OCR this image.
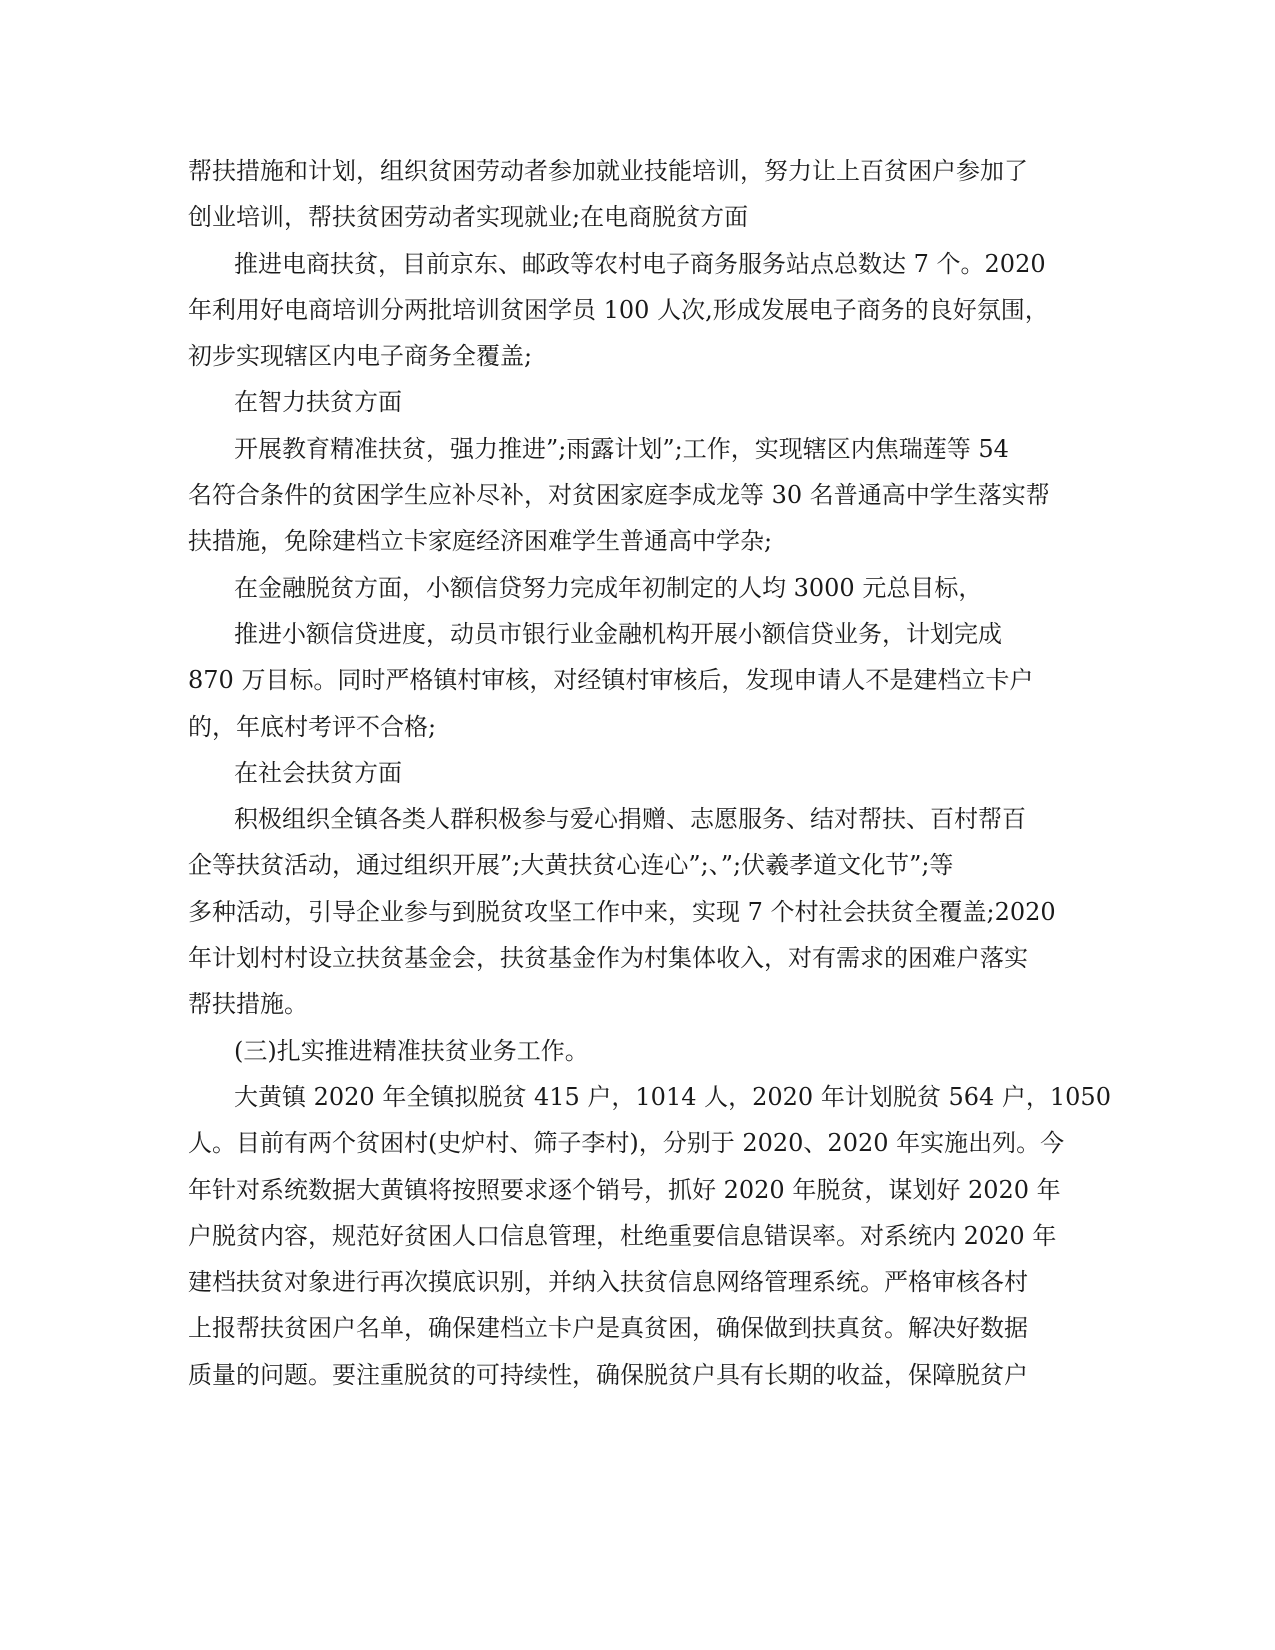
帮扶措施和计划，组织贫困劳动者参加就业技能培训，努力让上百贫困户参加了
创业培训，帮扶贫困劳动者实现就业;在电商脱贫方面
推进电商扶贫，目前京东、邮政等农村电子商务服务站点总数达 7 个。2020
年利用好电商培训分两批培训贫困学员 100 人次,形成发展电子商务的良好氛围，
初步实现辖区内电子商务全覆盖;
在智力扶贫方面
开展教育精准扶贫，强力推进”;雨露计划”;工作，实现辖区内焦瑞莲等 54
名符合条件的贫困学生应补尽补，对贫困家庭李成龙等 30 名普通高中学生落实帮
扶措施，免除建档立卡家庭经济困难学生普通高中学杂;
在金融脱贫方面，小额信贷努力完成年初制定的人均 3000 元总目标，
推进小额信贷进度，动员市银行业金融机构开展小额信贷业务，计划完成
870 万目标。同时严格镇村审核，对经镇村审核后，发现申请人不是建档立卡户
的，年底村考评不合格;
在社会扶贫方面
积极组织全镇各类人群积极参与爱心捐赠、志愿服务、结对帮扶、百村帮百
企等扶贫活动，通过组织开展”;大黄扶贫心连心”;、”;伏羲孝道文化节”;等
多种活动，引导企业参与到脱贫攻坚工作中来，实现 7 个村社会扶贫全覆盖;2020
年计划村村设立扶贫基金会，扶贫基金作为村集体收入，对有需求的困难户落实
帮扶措施。
(三)扎实推进精准扶贫业务工作。
大黄镇 2020 年全镇拟脱贫 415 户，1014 人，2020 年计划脱贫 564 户，1050
人。目前有两个贫困村(史炉村、筛子李村)，分别于 2020、2020 年实施出列。今
年针对系统数据大黄镇将按照要求逐个销号，抓好 2020 年脱贫，谋划好 2020 年
户脱贫内容，规范好贫困人口信息管理，杜绝重要信息错误率。对系统内 2020 年
建档扶贫对象进行再次摸底识别，并纳入扶贫信息网络管理系统。严格审核各村
上报帮扶贫困户名单，确保建档立卡户是真贫困，确保做到扶真贫。解决好数据
质量的问题。要注重脱贫的可持续性，确保脱贫户具有长期的收益，保障脱贫户
